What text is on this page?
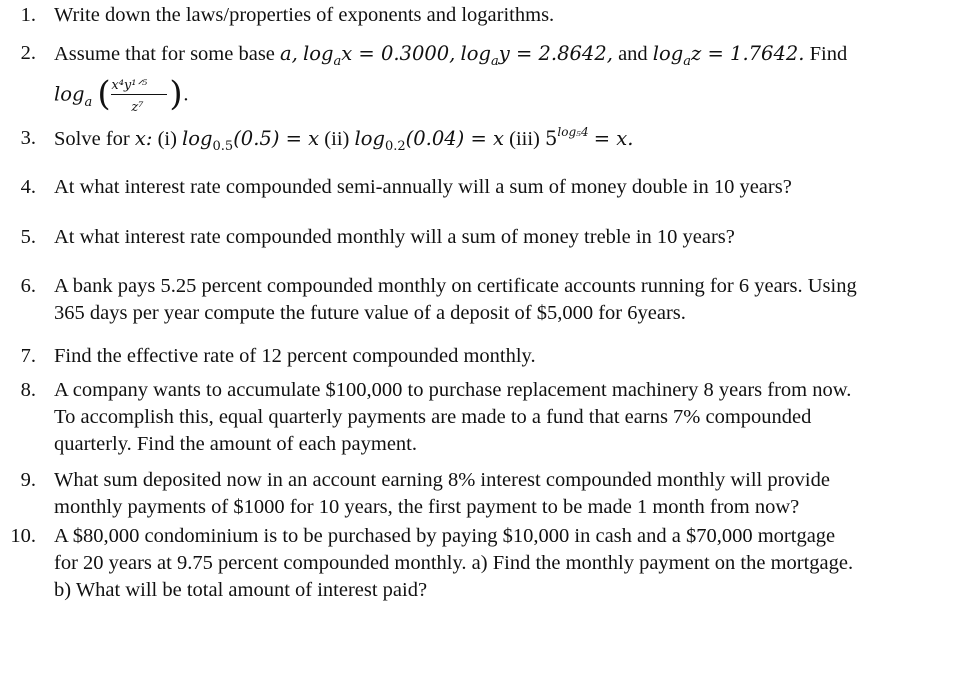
1. Write down the laws/properties of exponents and logarithms.
2. Assume that for some base a, $\log_ax = 0.3000$, $\log_ay = 2.8642$, and $\log_az = 1.7642$. Find
$\log_a$ ( x⁴y¹ᐟ⁵
z⁷ ) .
3. Solve for x: (i) $\log_{0.5}(0.5) = x$ (ii) $\log_{0.2}(0.04) = x$ (iii) $5^{log_54} = x$.
4. At what interest rate compounded semi-annually will a sum of money double in 10 years?
5. At what interest rate compounded monthly will a sum of money treble in 10 years?
6. A bank pays 5.25 percent compounded monthly on certificate accounts running for 6 years. Using
365 days per year compute the future value of a deposit of $5,000 for 6years.
7. Find the effective rate of 12 percent compounded monthly.
8. A company wants to accumulate $100,000 to purchase replacement machinery 8 years from now.
To accomplish this, equal quarterly payments are made to a fund that earns 7% compounded
quarterly. Find the amount of each payment.
9. What sum deposited now in an account earning 8% interest compounded monthly will provide
monthly payments of $1000 for 10 years, the first payment to be made 1 month from now?
10. A $80,000 condominium is to be purchased by paying $10,000 in cash and a $70,000 mortgage
for 20 years at 9.75 percent compounded monthly. a) Find the monthly payment on the mortgage.
b) What will be total amount of interest paid?
